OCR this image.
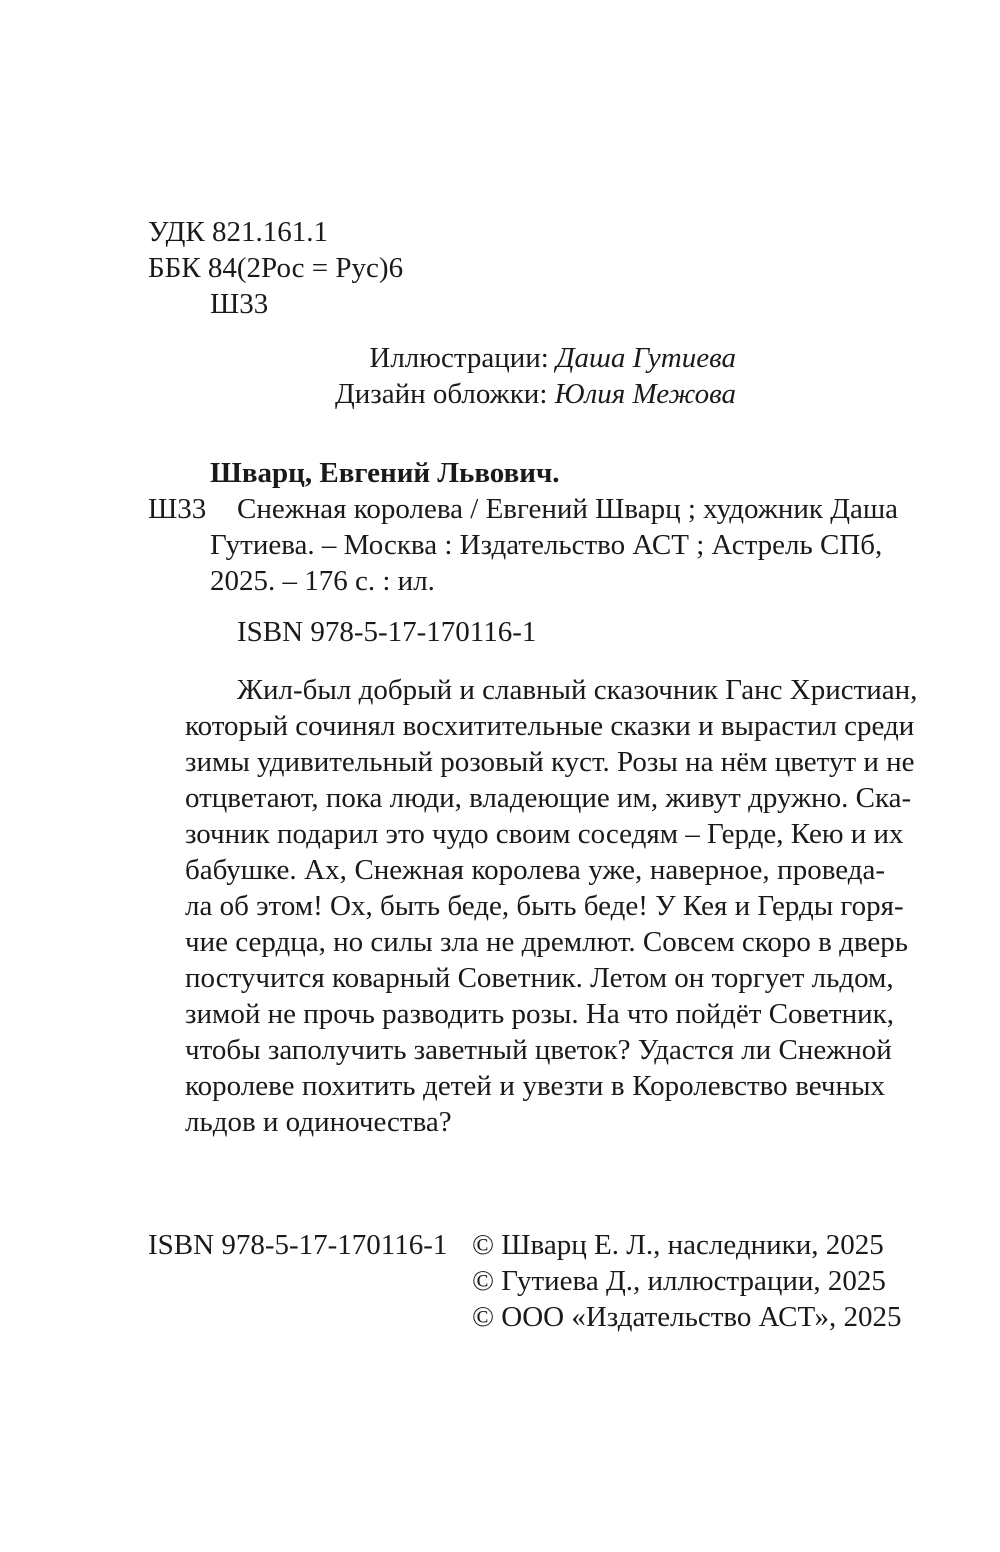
УДК 821.161.1
ББК 84(2Рос = Рус)6
Ш33
Иллюстрации: Даша Гутиева
Дизайн обложки: Юлия Межова
Шварц, Евгений Львович.
Ш33 Снежная королева / Евгений Шварц ; художник Даша
Гутиева. – Москва : Издательство АСТ ; Астрель СПб,
2025. – 176 с. : ил.
ISBN 978-5-17-170116-1

Жил-был добрый и славный сказочник Ганс Христиан,

который сочинял восхитительные сказки и вырастил среди

зимы удивительный розовый куст. Розы на нём цветут и не

отцветают, пока люди, владеющие им, живут дружно. Ска-

зочник подарил это чудо своим соседям – Герде, Кею и их

бабушке. Ах, Снежная королева уже, наверное, проведа-

ла об этом! Ох, быть беде, быть беде! У Кея и Герды горя-

чие сердца, но силы зла не дремлют. Совсем скоро в дверь

постучится коварный Советник. Летом он торгует льдом,

зимой не прочь разводить розы. На что пойдёт Советник,

чтобы заполучить заветный цветок? Удастся ли Снежной

королеве похитить детей и увезти в Королевство вечных

льдов и одиночества?

ISBN 978-5-17-170116-1 © Шварц Е. Л., наследники, 2025
© Гутиева Д., иллюстрации, 2025
© ООО «Издательство АСТ», 2025
